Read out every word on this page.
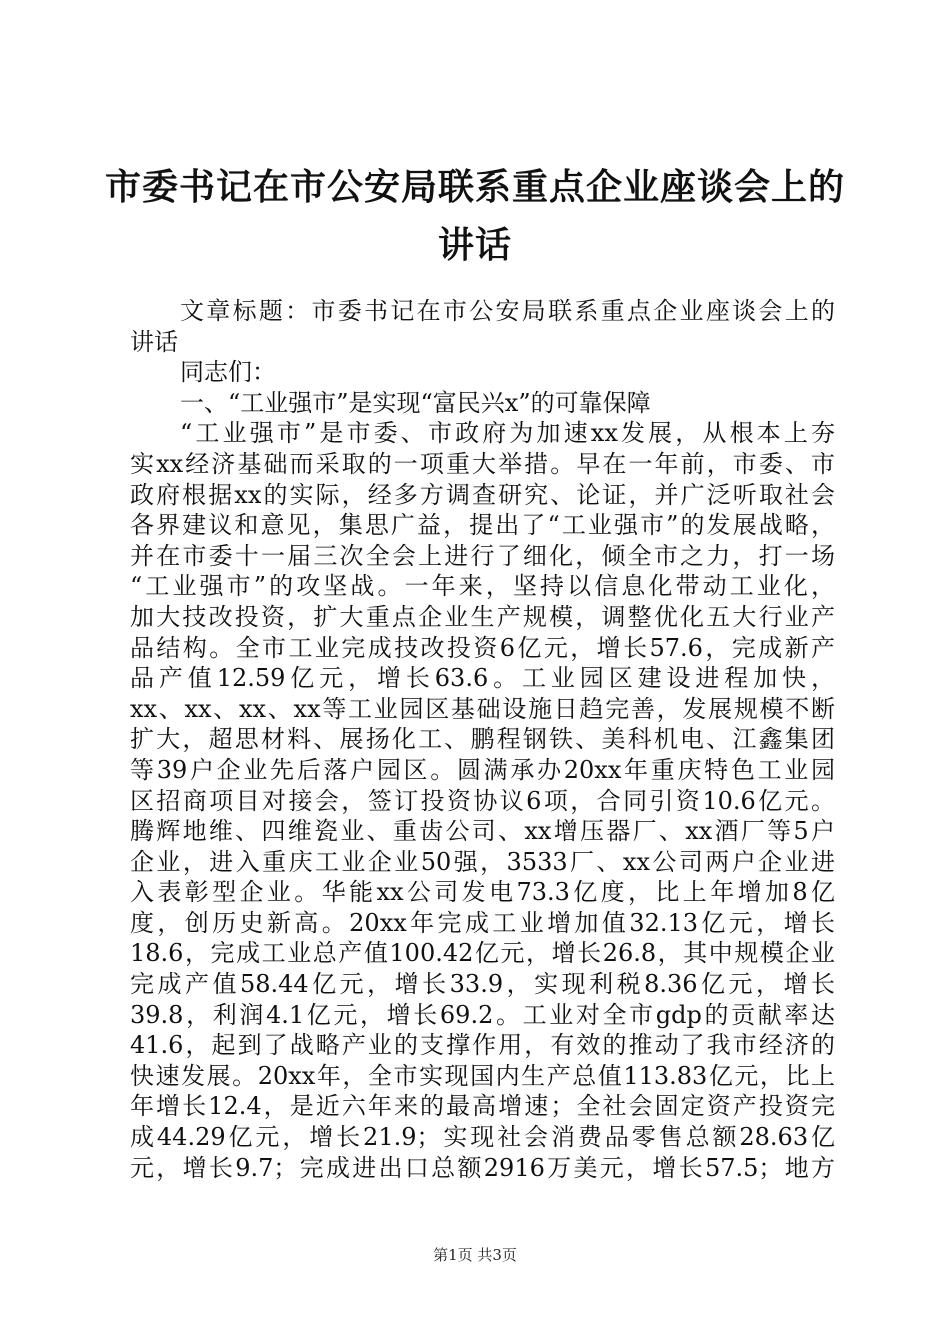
市委书记在市公安局联系重点企业座谈会上的
讲话
文章标题：市委书记在市公安局联系重点企业座谈会上的
讲话
同志们：
一、“工业强市”是实现“富民兴x”的可靠保障
“工业强市”是市委、市政府为加速xx发展，从根本上夯
实xx经济基础而采取的一项重大举措。早在一年前，市委、市
政府根据xx的实际，经多方调查研究、论证，并广泛听取社会
各界建议和意见，集思广益，提出了“工业强市”的发展战略，
并在市委十一届三次全会上进行了细化，倾全市之力，打一场
“工业强市”的攻坚战。一年来，坚持以信息化带动工业化，
加大技改投资，扩大重点企业生产规模，调整优化五大行业产
品结构。全市工业完成技改投资6亿元，增长57.6，完成新产
品产值12.59亿元，增长63.6。工业园区建设进程加快，
xx、xx、xx、xx等工业园区基础设施日趋完善，发展规模不断
扩大，超思材料、展扬化工、鹏程钢铁、美科机电、江鑫集团
等39户企业先后落户园区。圆满承办20xx年重庆特色工业园
区招商项目对接会，签订投资协议6项，合同引资10.6亿元。
腾辉地维、四维瓷业、重齿公司、xx增压器厂、xx酒厂等5户
企业，进入重庆工业企业50强，3533厂、xx公司两户企业进
入表彰型企业。华能xx公司发电73.3亿度，比上年增加8亿
度，创历史新高。20xx年完成工业增加值32.13亿元，增长
18.6，完成工业总产值100.42亿元，增长26.8，其中规模企业
完成产值58.44亿元，增长33.9，实现利税8.36亿元，增长
39.8，利润4.1亿元，增长69.2。工业对全市gdp的贡献率达
41.6，起到了战略产业的支撑作用，有效的推动了我市经济的
快速发展。20xx年，全市实现国内生产总值113.83亿元，比上
年增长12.4，是近六年来的最高增速；全社会固定资产投资完
成44.29亿元，增长21.9；实现社会消费品零售总额28.63亿
元，增长9.7；完成进出口总额2916万美元，增长57.5；地方
第1页 共3页
